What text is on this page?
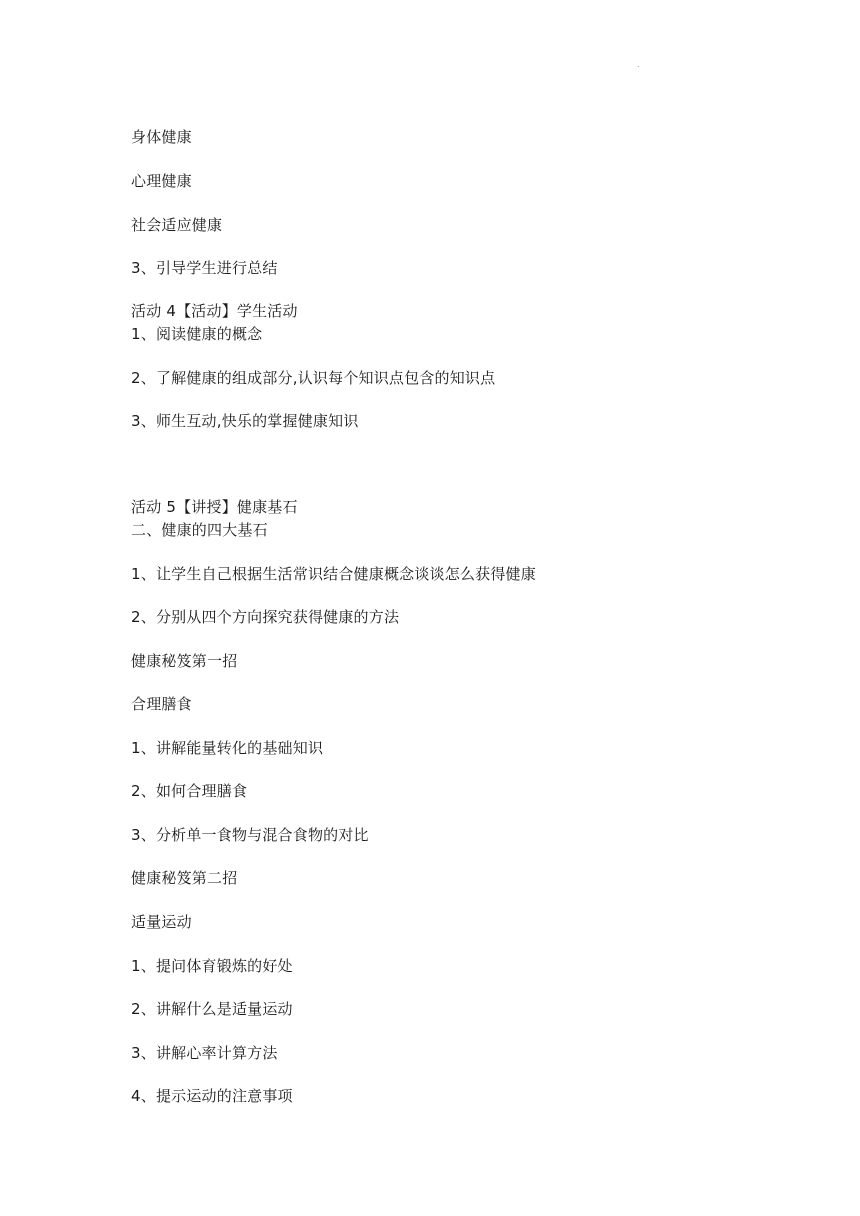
.
身体健康
心理健康
社会适应健康
3、引导学生进行总结
活动 4【活动】学生活动
1、阅读健康的概念
2、了解健康的组成部分,认识每个知识点包含的知识点
3、师生互动,快乐的掌握健康知识
活动 5【讲授】健康基石
二、健康的四大基石
1、让学生自己根据生活常识结合健康概念谈谈怎么获得健康
2、分别从四个方向探究获得健康的方法
健康秘笈第一招
合理膳食
1、讲解能量转化的基础知识
2、如何合理膳食
3、分析单一食物与混合食物的对比
健康秘笈第二招
适量运动
1、提问体育锻炼的好处
2、讲解什么是适量运动
3、讲解心率计算方法
4、提示运动的注意事项
